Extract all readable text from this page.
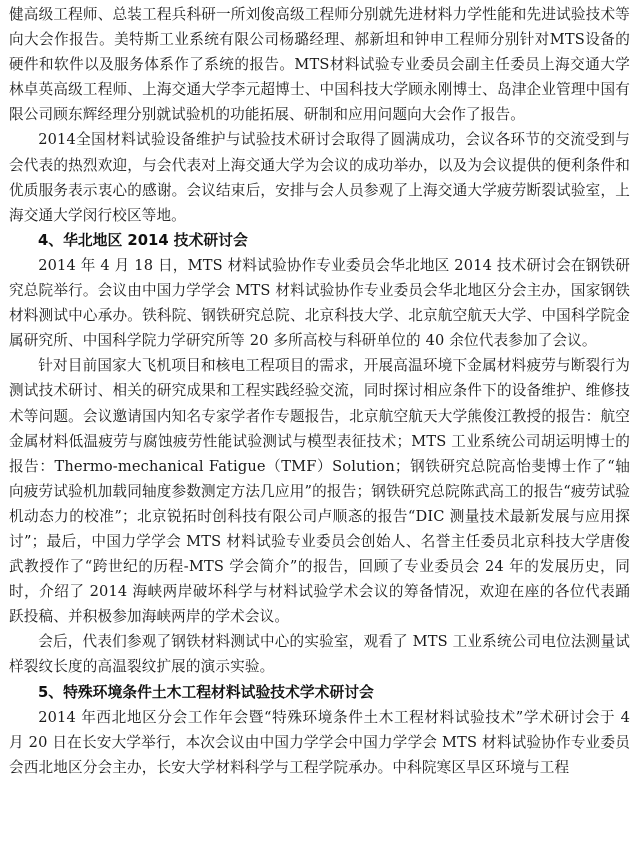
健高级工程师、总装工程兵科研一所刘俊高级工程师分别就先进材料力学性能和先进试验技术等向大会作报告。美特斯工业系统有限公司杨璐经理、郝新坦和钟申工程师分别针对MTS设备的硬件和软件以及服务体系作了系统的报告。MTS材料试验专业委员会副主任委员上海交通大学林卓英高级工程师、上海交通大学李元超博士、中国科技大学顾永刚博士、岛津企业管理中国有限公司顾东辉经理分别就试验机的功能拓展、研制和应用问题向大会作了报告。

2014全国材料试验设备维护与试验技术研讨会取得了圆满成功，会议各环节的交流受到与会代表的热烈欢迎，与会代表对上海交通大学为会议的成功举办，以及为会议提供的便利条件和优质服务表示衷心的感谢。会议结束后，安排与会人员参观了上海交通大学疲劳断裂试验室，上海交通大学闵行校区等地。

4、华北地区 2014 技术研讨会

2014 年 4 月 18 日，MTS 材料试验协作专业委员会华北地区 2014 技术研讨会在钢铁研究总院举行。会议由中国力学学会 MTS 材料试验协作专业委员会华北地区分会主办，国家钢铁材料测试中心承办。铁科院、钢铁研究总院、北京科技大学、北京航空航天大学、中国科学院金属研究所、中国科学院力学研究所等 20 多所高校与科研单位的 40 余位代表参加了会议。

针对目前国家大飞机项目和核电工程项目的需求，开展高温环境下金属材料疲劳与断裂行为测试技术研讨、相关的研究成果和工程实践经验交流，同时探讨相应条件下的设备维护、维修技术等问题。会议邀请国内知名专家学者作专题报告，北京航空航天大学熊俊江教授的报告：航空金属材料低温疲劳与腐蚀疲劳性能试验测试与模型表征技术；MTS 工业系统公司胡运明博士的报告：Thermo-mechanical Fatigue（TMF）Solution；钢铁研究总院高怡斐博士作了“轴向疲劳试验机加载同轴度参数测定方法几应用”的报告；钢铁研究总院陈武高工的报告“疲劳试验机动态力的校准”；北京锐拓时创科技有限公司卢顺忞的报告“DIC 测量技术最新发展与应用探讨”；最后，中国力学学会 MTS 材料试验专业委员会创始人、名誉主任委员北京科技大学唐俊武教授作了“跨世纪的历程-MTS 学会简介”的报告，回顾了专业委员会 24 年的发展历史，同时，介绍了 2014 海峡两岸破坏科学与材料试验学术会议的筹备情况，欢迎在座的各位代表踊跃投稿、并积极参加海峡两岸的学术会议。

会后，代表们参观了钢铁材料测试中心的实验室，观看了 MTS 工业系统公司电位法测量试样裂纹长度的高温裂纹扩展的演示实验。

5、特殊环境条件土木工程材料试验技术学术研讨会

2014 年西北地区分会工作年会暨“特殊环境条件土木工程材料试验技术”学术研讨会于 4 月 20 日在长安大学举行，本次会议由中国力学学会中国力学学会 MTS 材料试验协作专业委员会西北地区分会主办，长安大学材料科学与工程学院承办。中科院寒区旱区环境与工程
